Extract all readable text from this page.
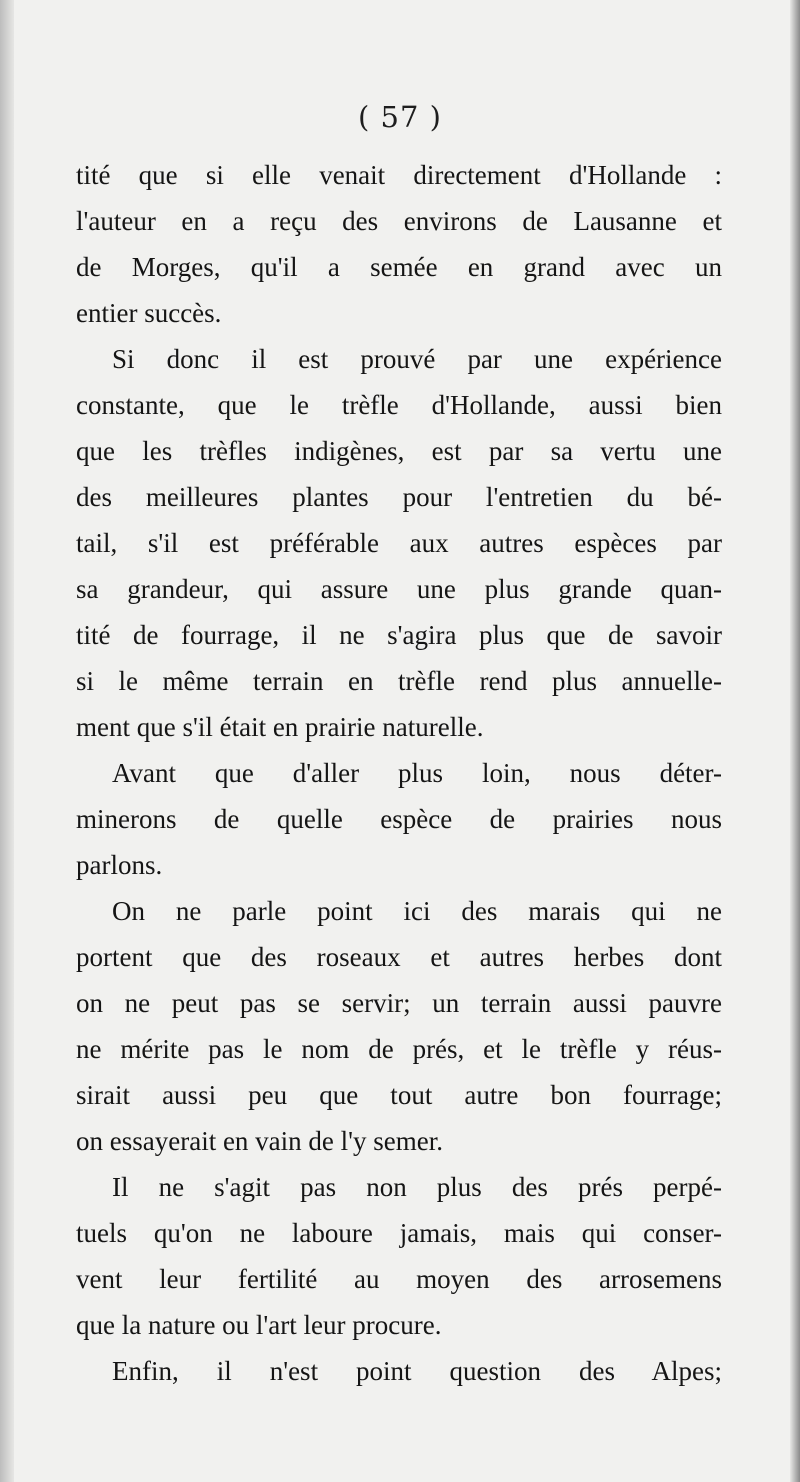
( 57 )
tité que si elle venait directement d'Hollande :
l'auteur en a reçu des environs de Lausanne et
de Morges, qu'il a semée en grand avec un
entier succès.
Si donc il est prouvé par une expérience
constante, que le trèfle d'Hollande, aussi bien
que les trèfles indigènes, est par sa vertu une
des meilleures plantes pour l'entretien du bé-
tail, s'il est préférable aux autres espèces par
sa grandeur, qui assure une plus grande quan-
tité de fourrage, il ne s'agira plus que de savoir
si le même terrain en trèfle rend plus annuelle-
ment que s'il était en prairie naturelle.
Avant que d'aller plus loin, nous déter-
minerons de quelle espèce de prairies nous
parlons.
On ne parle point ici des marais qui ne
portent que des roseaux et autres herbes dont
on ne peut pas se servir; un terrain aussi pauvre
ne mérite pas le nom de prés, et le trèfle y réus-
sirait aussi peu que tout autre bon fourrage;
on essayerait en vain de l'y semer.
Il ne s'agit pas non plus des prés perpé-
tuels qu'on ne laboure jamais, mais qui conser-
vent leur fertilité au moyen des arrosemens
que la nature ou l'art leur procure.
Enfin, il n'est point question des Alpes;
